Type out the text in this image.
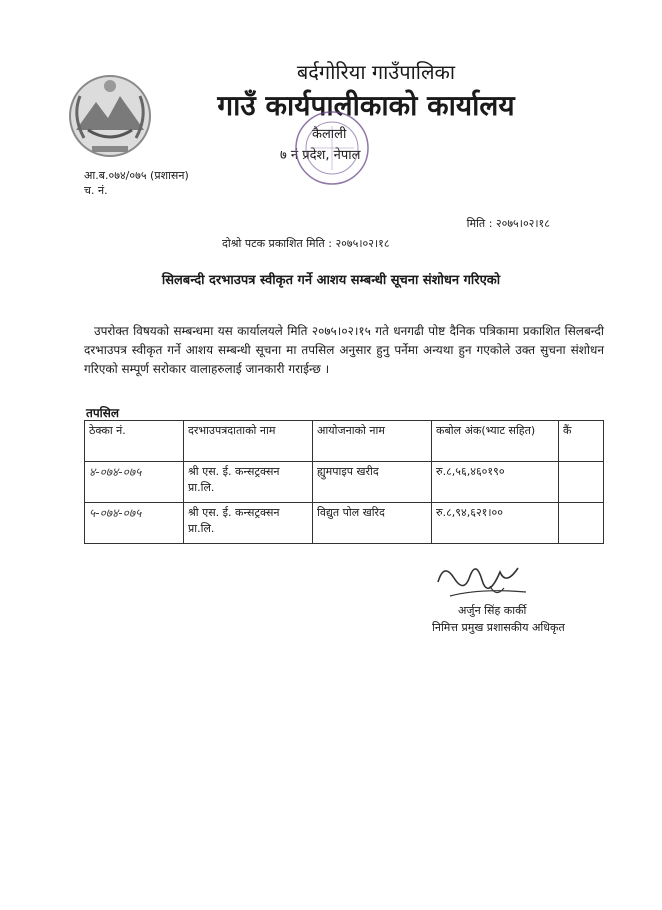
बर्दगोरिया गाउँपालिका
गाउँ कार्यपालीकाको कार्यालय
कैलाली
७ नं प्रदेश, नेपाल
आ.ब.०७४/०७५ (प्रशासन)
च. नं.
मिति : २०७५।०२।१८
दोश्रो पटक प्रकाशित मिति : २०७५।०२।१८
सिलबन्दी दरभाउपत्र स्वीकृत गर्ने आशय सम्बन्धी सूचना संशोधन गरिएको
उपरोक्त विषयको सम्बन्धमा यस कार्यालयले मिति २०७५।०२।१५ गते धनगढी पोष्ट दैनिक पत्रिकामा प्रकाशित सिलबन्दी दरभाउपत्र स्वीकृत गर्ने आशय सम्बन्धी सूचना मा तपसिल अनुसार हुनु पर्नेमा अन्यथा हुन गएकोले उक्त सुचना संशोधन गरिएको सम्पूर्ण सरोकार वालाहरुलाई जानकारी गराईन्छ ।
तपसिल
ठेक्का नं.	दरभाउपत्रदाताको नाम	आयोजनाको नाम	कबोल अंक(भ्याट सहित)	कैं
४-०७४-०७५	श्री एस. ई. कन्सट्रक्सन प्रा.लि.	ह्युमपाइप खरीद	रु.८,५६,४६०१९०	
५-०७४-०७५	श्री एस. ई. कन्सट्रक्सन प्रा.लि.	विद्युत पोल खरिद	रु.८,९४,६२१।००	
अर्जुन सिंह कार्की
निमित्त प्रमुख प्रशासकीय अधिकृत
